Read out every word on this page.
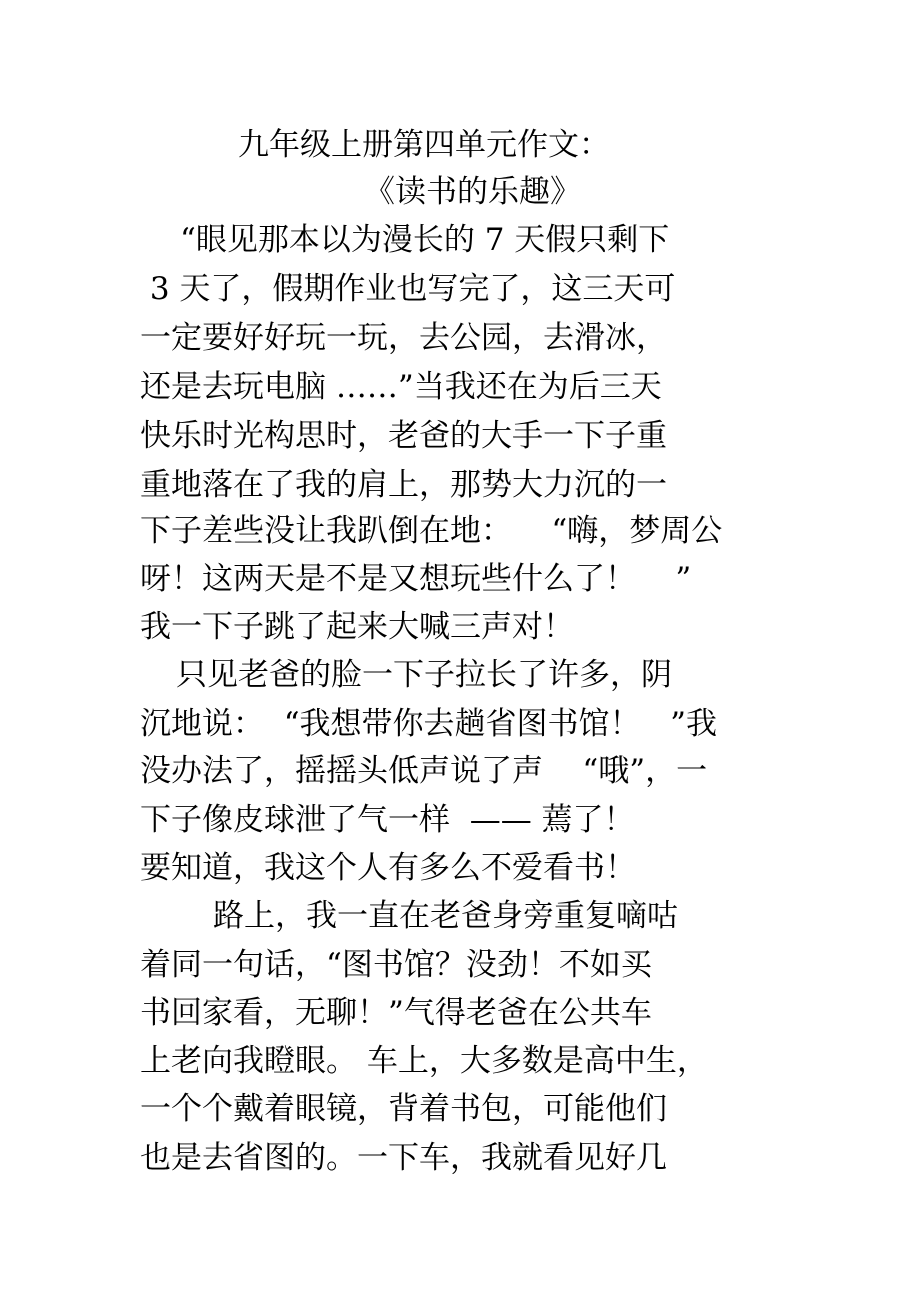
九年级上册第四单元作文：
《读书的乐趣》
“眼见那本以为漫长的 7 天假只剩下
3 天了，假期作业也写完了，这三天可
一定要好好玩一玩，去公园，去滑冰，
还是去玩电脑 ……”当我还在为后三天
快乐时光构思时，老爸的大手一下子重
重地落在了我的肩上，那势大力沉的一
下子差些没让我趴倒在地：    “嗨，梦周公
呀！这两天是不是又想玩些什么了！    ”
我一下子跳了起来大喊三声对！
只见老爸的脸一下子拉长了许多，阴
沉地说：  “我想带你去趟省图书馆！   ”我
没办法了，摇摇头低声说了声    “哦”，一
下子像皮球泄了气一样  —— 蔫了！
要知道，我这个人有多么不爱看书！
路上，我一直在老爸身旁重复嘀咕
着同一句话，“图书馆？没劲！不如买
书回家看，无聊！”气得老爸在公共车
上老向我瞪眼。 车上，大多数是高中生，
一个个戴着眼镜，背着书包，可能他们
也是去省图的。一下车，我就看见好几
